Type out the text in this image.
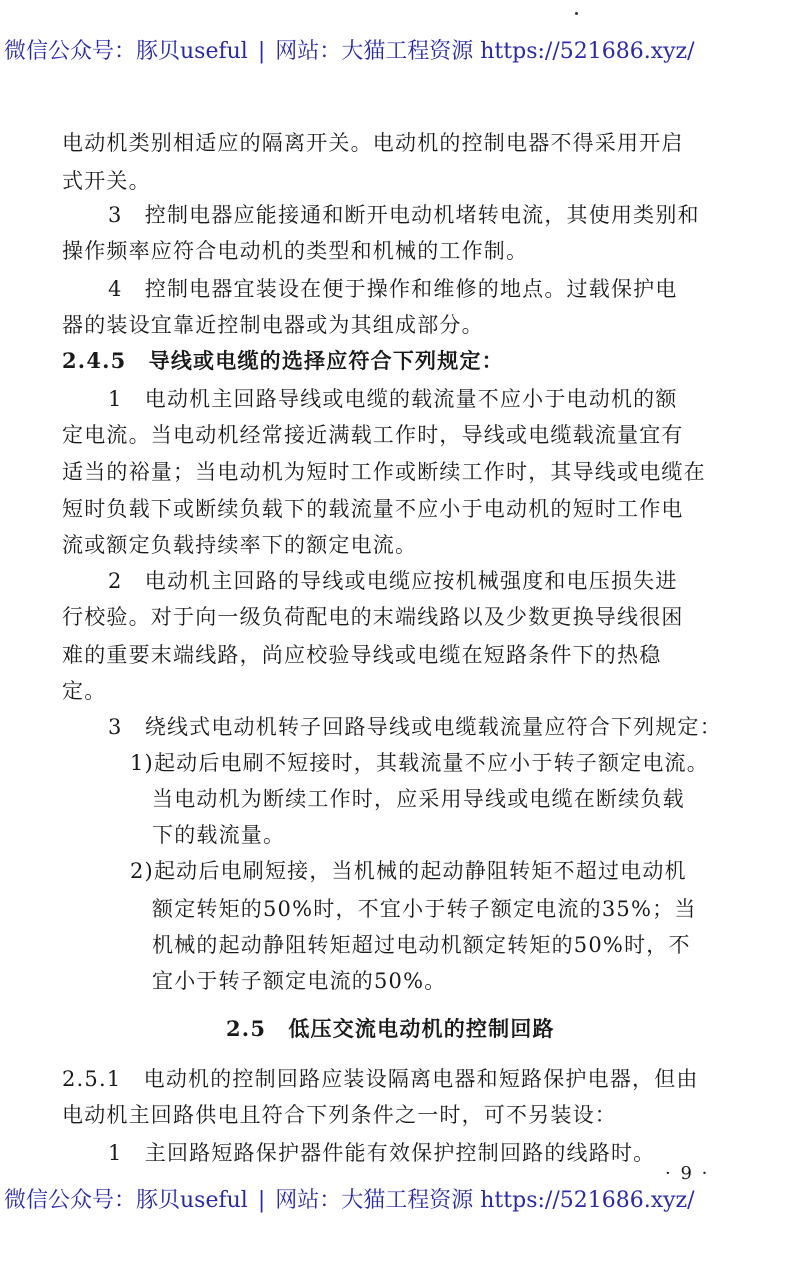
微信公众号：豚贝useful | 网站：大猫工程资源 https://521686.xyz/
电动机类别相适应的隔离开关。电动机的控制电器不得采用开启
式开关。
3　控制电器应能接通和断开电动机堵转电流，其使用类别和
操作频率应符合电动机的类型和机械的工作制。
4　控制电器宜装设在便于操作和维修的地点。过载保护电
器的装设宜靠近控制电器或为其组成部分。
2.4.5　导线或电缆的选择应符合下列规定：
1　电动机主回路导线或电缆的载流量不应小于电动机的额
定电流。当电动机经常接近满载工作时，导线或电缆载流量宜有
适当的裕量；当电动机为短时工作或断续工作时，其导线或电缆在
短时负载下或断续负载下的载流量不应小于电动机的短时工作电
流或额定负载持续率下的额定电流。
2　电动机主回路的导线或电缆应按机械强度和电压损失进
行校验。对于向一级负荷配电的末端线路以及少数更换导线很困
难的重要末端线路，尚应校验导线或电缆在短路条件下的热稳
定。
3　绕线式电动机转子回路导线或电缆载流量应符合下列规定：
1)起动后电刷不短接时，其载流量不应小于转子额定电流。
当电动机为断续工作时，应采用导线或电缆在断续负载
下的载流量。
2)起动后电刷短接，当机械的起动静阻转矩不超过电动机
额定转矩的50%时，不宜小于转子额定电流的35%；当
机械的起动静阻转矩超过电动机额定转矩的50%时，不
宜小于转子额定电流的50%。
2.5　低压交流电动机的控制回路
2.5.1　电动机的控制回路应装设隔离电器和短路保护电器，但由
电动机主回路供电且符合下列条件之一时，可不另装设：
1　主回路短路保护器件能有效保护控制回路的线路时。
· 9 ·
微信公众号：豚贝useful | 网站：大猫工程资源 https://521686.xyz/
